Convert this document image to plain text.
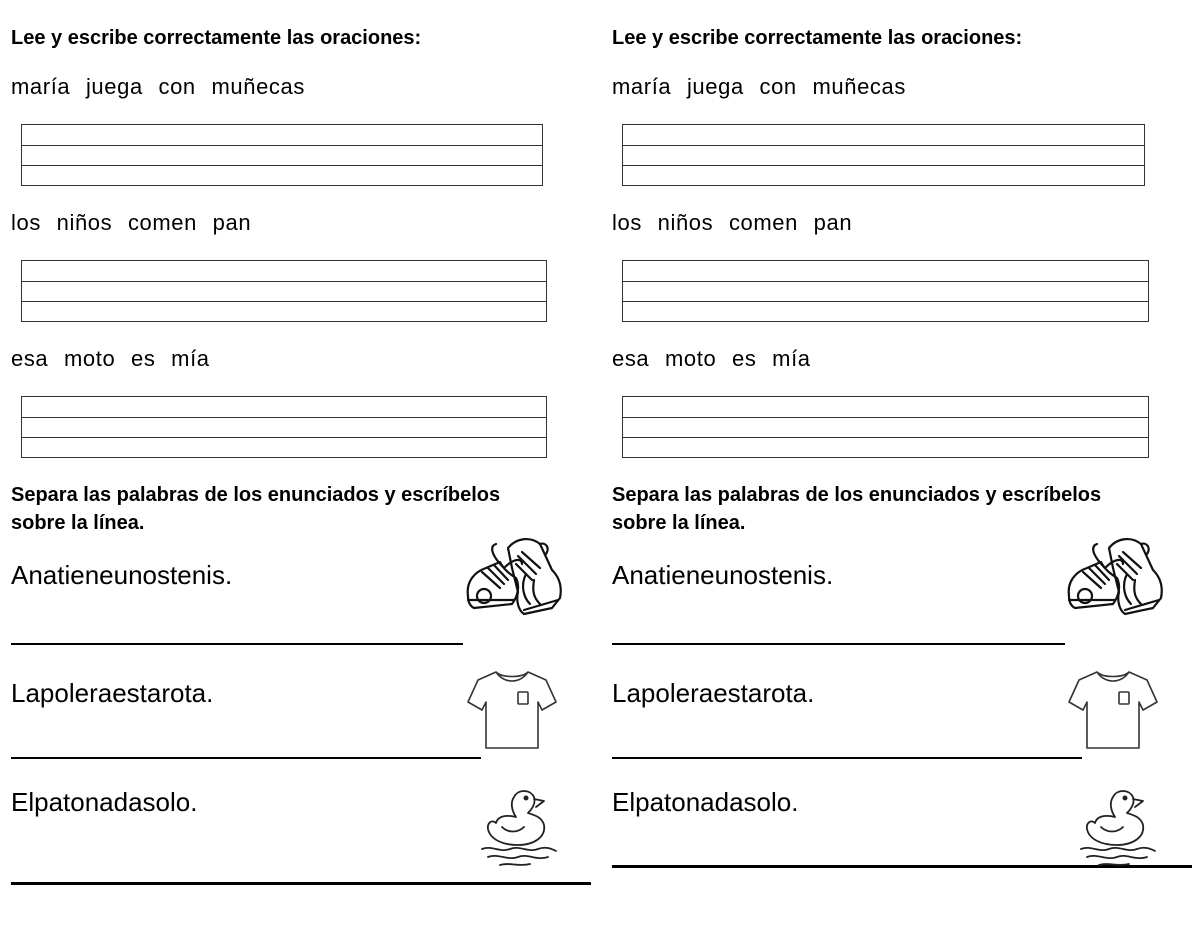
Lee y escribe correctamente las oraciones:

maría juega con muñecas

los niños comen pan

esa moto es mía

Separa las palabras de los enunciados y escríbelos sobre la línea.

Anatieneunostenis.

Lapoleraestarota.

Elpatonadasolo.

Lee y escribe correctamente las oraciones:

maría juega con muñecas

los niños comen pan

esa moto es mía

Separa las palabras de los enunciados y escríbelos sobre la línea.

Anatieneunostenis.

Lapoleraestarota.

Elpatonadasolo.
